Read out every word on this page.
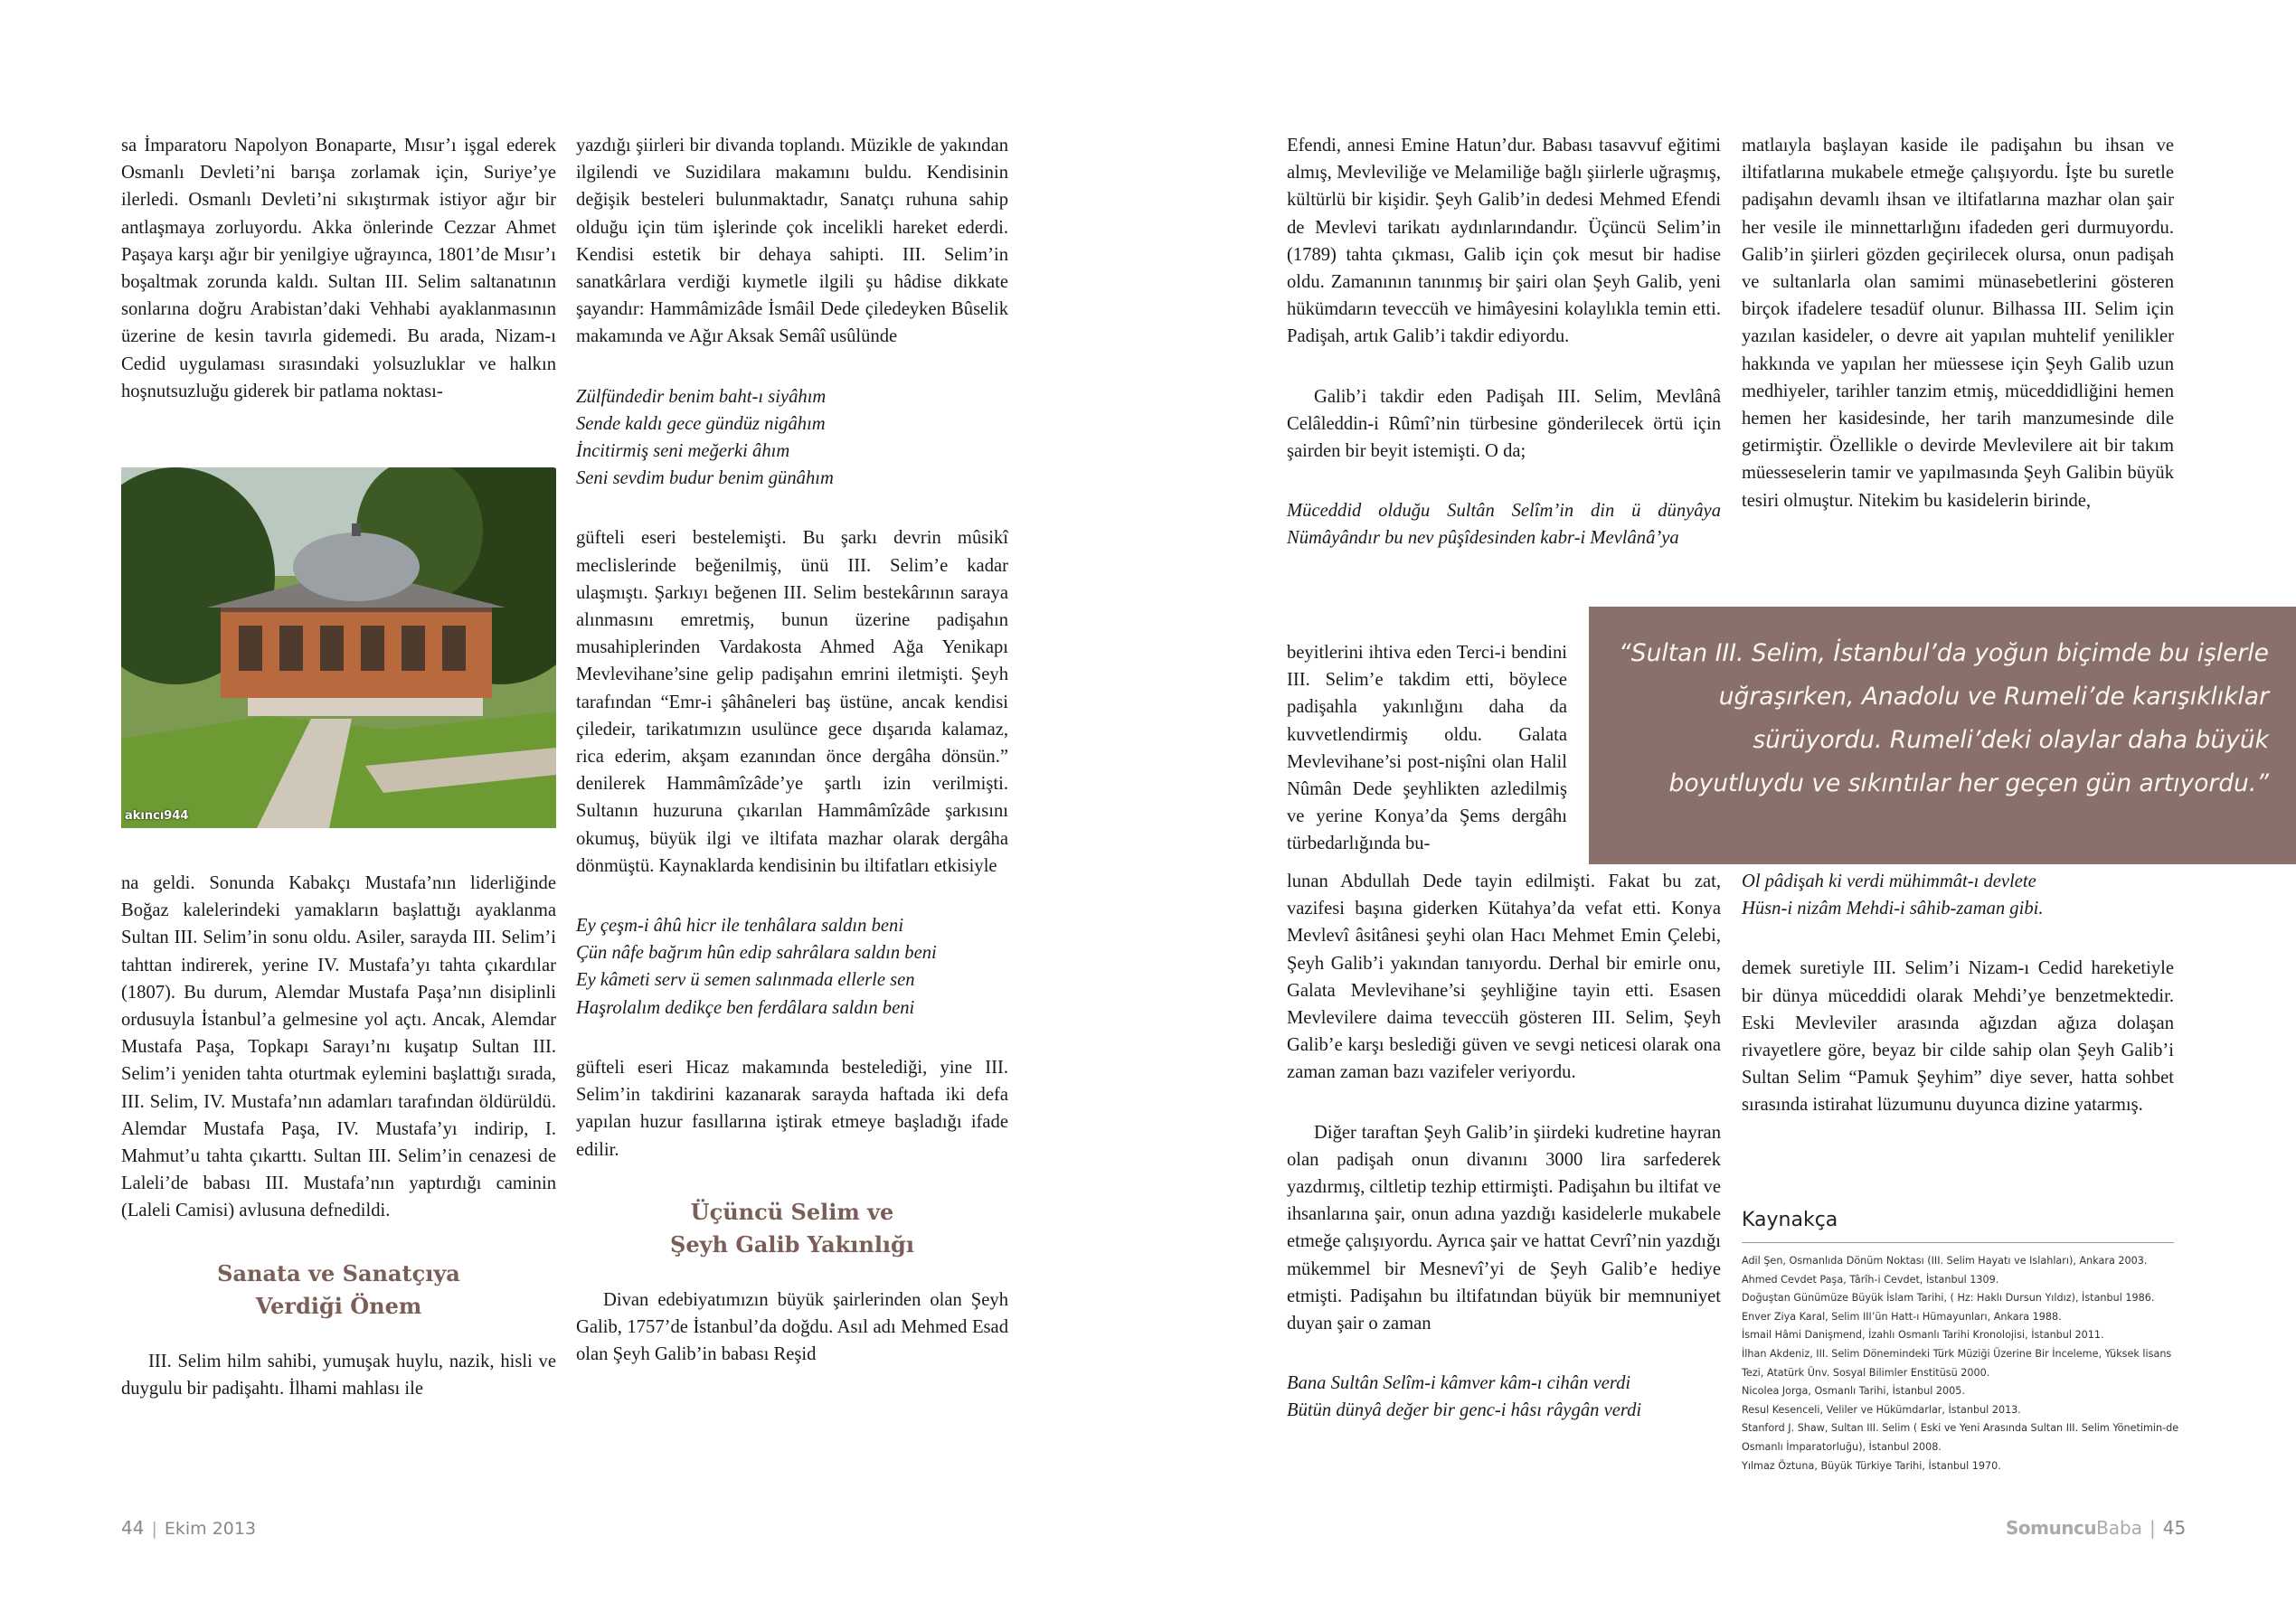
sa İmparatoru Napolyon Bonaparte, Mısır’ı işgal ederek Osmanlı Devleti’ni barışa zorlamak için, Suriye’ye ilerledi. Osmanlı Devleti’ni sıkıştırmak istiyor ağır bir antlaşmaya zorluyordu. Akka önlerinde Cezzar Ahmet Paşaya karşı ağır bir yenilgiye uğrayınca, 1801’de Mısır’ı boşaltmak zorunda kaldı. Sultan III. Selim saltanatının sonlarına doğru Arabistan’daki Vehhabi ayaklanmasının üzerine de kesin tavırla gidemedi. Bu arada, Nizam-ı Cedid uygulaması sırasındaki yolsuzluklar ve halkın hoşnutsuzluğu giderek bir patlama noktası-

akıncı944

na geldi. Sonunda Kabakçı Mustafa’nın liderliğinde Boğaz kalelerindeki yamakların başlattığı ayaklanma Sultan III. Selim’in sonu oldu. Asiler, sarayda III. Selim’i tahttan indirerek, yerine IV. Mustafa’yı tahta çıkardılar (1807). Bu durum, Alemdar Mustafa Paşa’nın disiplinli ordusuyla İstanbul’a gelmesine yol açtı. Ancak, Alemdar Mustafa Paşa, Topkapı Sarayı’nı kuşatıp Sultan III. Selim’i yeniden tahta oturtmak eylemini başlattığı sırada, III. Selim, IV. Mustafa’nın adamları tarafından öldürüldü. Alemdar Mustafa Paşa, IV. Mustafa’yı indirip, I. Mahmut’u tahta çıkarttı. Sultan III. Selim’in cenazesi de Laleli’de babası III. Mustafa’nın yaptırdığı caminin (Laleli Camisi) avlusuna defnedildi.

Sanata ve Sanatçıya
Verdiği Önem

III. Selim hilm sahibi, yumuşak huylu, nazik, hisli ve duygulu bir padişahtı. İlhami mahlası ile

yazdığı şiirleri bir divanda toplandı. Müzikle de yakından ilgilendi ve Suzidilara makamını buldu. Kendisinin değişik besteleri bulunmaktadır, Sanatçı ruhuna sahip olduğu için tüm işlerinde çok incelikli hareket ederdi. Kendisi estetik bir dehaya sahipti. III. Selim’in sanatkârlara verdiği kıymetle ilgili şu hâdise dikkate şayandır: Hammâmizâde İsmâil Dede çiledeyken Bûselik makamında ve Ağır Aksak Semâî usûlünde

Zülfündedir benim baht-ı siyâhım

Sende kaldı gece gündüz nigâhım

İncitirmiş seni meğerki âhım

Seni sevdim budur benim günâhım

güfteli eseri bestelemişti. Bu şarkı devrin mûsikî meclislerinde beğenilmiş, ünü III. Selim’e kadar ulaşmıştı. Şarkıyı beğenen III. Selim bestekârının saraya alınmasını emretmiş, bunun üzerine padişahın musahiplerinden Vardakosta Ahmed Ağa Yenikapı Mevlevihane’sine gelip padişahın emrini iletmişti. Şeyh tarafından “Emr-i şâhâneleri baş üstüne, ancak kendisi çiledeir, tarikatımızın usulünce gece dışarıda kalamaz, rica ederim, akşam ezanından önce dergâha dönsün.” denilerek Hammâmîzâde’ye şartlı izin verilmişti. Sultanın huzuruna çıkarılan Hammâmîzâde şarkısını okumuş, büyük ilgi ve iltifata mazhar olarak dergâha dönmüştü. Kaynaklarda kendisinin bu iltifatları etkisiyle

Ey çeşm-i âhû hicr ile tenhâlara saldın beni

Çün nâfe bağrım hûn edip sahrâlara saldın beni

Ey kâmeti serv ü semen salınmada ellerle sen

Haşrolalım dedikçe ben ferdâlara saldın beni

güfteli eseri Hicaz makamında bestelediği, yine III. Selim’in takdirini kazanarak sarayda haftada iki defa yapılan huzur fasıllarına iştirak etmeye başladığı ifade edilir.

Üçüncü Selim ve
Şeyh Galib Yakınlığı

Divan edebiyatımızın büyük şairlerinden olan Şeyh Galib, 1757’de İstanbul’da doğdu. Asıl adı Mehmed Esad olan Şeyh Galib’in babası Reşid

Efendi, annesi Emine Hatun’dur. Babası tasavvuf eğitimi almış, Mevleviliğe ve Melamiliğe bağlı şiirlerle uğraşmış, kültürlü bir kişidir. Şeyh Galib’in dedesi Mehmed Efendi de Mevlevi tarikatı aydınlarındandır. Üçüncü Selim’in (1789) tahta çıkması, Galib için çok mesut bir hadise oldu. Zamanının tanınmış bir şairi olan Şeyh Galib, yeni hükümdarın teveccüh ve himâyesini kolaylıkla temin etti. Padişah, artık Galib’i takdir ediyordu.

Galib’i takdir eden Padişah III. Selim, Mevlânâ Celâleddin-i Rûmî’nin türbesine gönderilecek örtü için şairden bir beyit istemişti. O da;

Müceddid olduğu Sultân Selîm’in din ü dünyâya Nümâyândır bu nev pûşîdesinden kabr-i Mevlânâ’ya

beyitlerini ihtiva eden Terci-i bendini III. Selim’e takdim etti, böylece padişahla yakınlığını daha da kuvvetlendirmiş oldu. Galata Mevlevihane’si post-nişîni olan Halil Nûmân Dede şeyhlikten azledilmiş ve yerine Konya’da Şems dergâhı türbedarlığında bu-

lunan Abdullah Dede tayin edilmişti. Fakat bu zat, vazifesi başına giderken Kütahya’da vefat etti. Konya Mevlevî âsitânesi şeyhi olan Hacı Mehmet Emin Çelebi, Şeyh Galib’i yakından tanıyordu. Derhal bir emirle onu, Galata Mevlevihane’si şeyhliğine tayin etti. Esasen Mevlevilere daima teveccüh gösteren III. Selim, Şeyh Galib’e karşı beslediği güven ve sevgi neticesi olarak ona zaman zaman bazı vazifeler veriyordu.

Diğer taraftan Şeyh Galib’in şiirdeki kudretine hayran olan padişah onun divanını 3000 lira sarfederek yazdırmış, ciltletip tezhip ettirmişti. Padişahın bu iltifat ve ihsanlarına şair, onun adına yazdığı kasidelerle mukabele etmeğe çalışıyordu. Ayrıca şair ve hattat Cevrî’nin yazdığı mükemmel bir Mesnevî’yi de Şeyh Galib’e hediye etmişti. Padişahın bu iltifatından büyük bir memnuniyet duyan şair o zaman

Bana Sultân Selîm-i kâmver kâm-ı cihân verdi

Bütün dünyâ değer bir genc-i hâsı râygân verdi

matlaıyla başlayan kaside ile padişahın bu ihsan ve iltifatlarına mukabele etmeğe çalışıyordu. İşte bu suretle padişahın devamlı ihsan ve iltifatlarına mazhar olan şair her vesile ile minnettarlığını ifadeden geri durmuyordu. Galib’in şiirleri gözden geçirilecek olursa, onun padişah ve sultanlarla olan samimi münasebetlerini gösteren birçok ifadelere tesadüf olunur. Bilhassa III. Selim için yazılan kasideler, o devre ait yapılan muhtelif yenilikler hakkında ve yapılan her müessese için Şeyh Galib uzun medhiyeler, tarihler tanzim etmiş, müceddidliğini hemen hemen her kasidesinde, her tarih manzumesinde dile getirmiştir. Özellikle o devirde Mevlevilere ait bir takım müesseselerin tamir ve yapılmasında Şeyh Galibin büyük tesiri olmuştur. Nitekim bu kasidelerin birinde,

“Sultan III. Selim, İstanbul’da yoğun biçimde bu işlerle uğraşırken, Anadolu ve Rumeli’de karışıklıklar sürüyordu. Rumeli’deki olaylar daha büyük boyutluydu ve sıkıntılar her geçen gün artıyordu.”

Ol pâdişah ki verdi mühimmât-ı devlete

Hüsn-i nizâm Mehdi-i sâhib-zaman gibi.

demek suretiyle III. Selim’i Nizam-ı Cedid hareketiyle bir dünya müceddidi olarak Mehdi’ye benzetmektedir. Eski Mevleviler arasında ağızdan ağıza dolaşan rivayetlere göre, beyaz bir cilde sahip olan Şeyh Galib’i Sultan Selim “Pamuk Şeyhim” diye sever, hatta sohbet sırasında istirahat lüzumunu duyunca dizine yatarmış.

Kaynakça
Adil Şen, Osmanlıda Dönüm Noktası (III. Selim Hayatı ve Islahları), Ankara 2003.
Ahmed Cevdet Paşa, Târîh-i Cevdet, İstanbul 1309.
Doğuştan Günümüze Büyük İslam Tarihi, ( Hz: Haklı Dursun Yıldız), İstanbul 1986.
Enver Ziya Karal, Selim III’ün Hatt-ı Hümayunları, Ankara 1988.
İsmail Hâmi Danişmend, İzahlı Osmanlı Tarihi Kronolojisi, İstanbul 2011.
İlhan Akdeniz, III. Selim Dönemindeki Türk Müziği Üzerine Bir İnceleme, Yüksek lisans Tezi, Atatürk Ünv. Sosyal Bilimler Enstitüsü 2000.
Nicolea Jorga, Osmanlı Tarihi, İstanbul 2005.
Resul Kesenceli, Veliler ve Hükümdarlar, İstanbul 2013.
Stanford J. Shaw, Sultan III. Selim ( Eski ve Yeni Arasında Sultan III. Selim Yönetimin-de Osmanlı İmparatorluğu), İstanbul 2008.
Yılmaz Öztuna, Büyük Türkiye Tarihi, İstanbul 1970.
44 | Ekim 2013	SomuncuBaba | 45
